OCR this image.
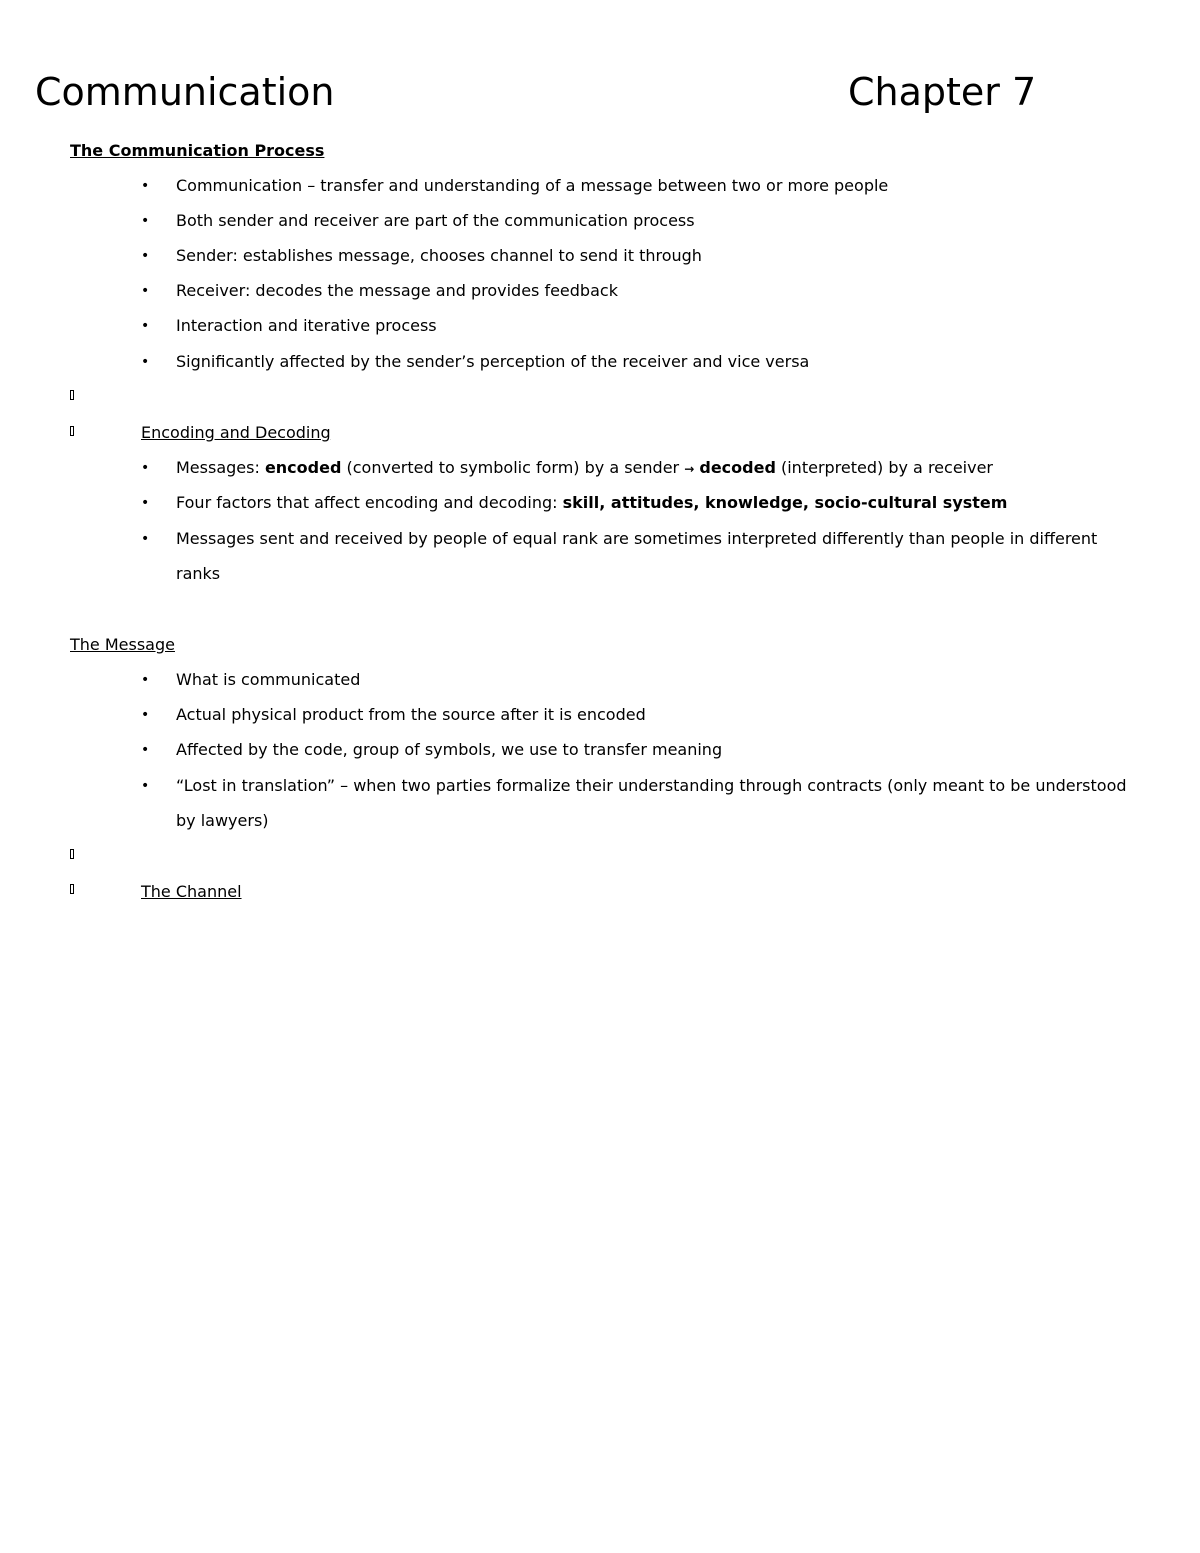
Communication	Chapter 7
The Communication Process
• Communication – transfer and understanding of a message between two or more people
• Both sender and receiver are part of the communication process
• Sender: establishes message, chooses channel to send it through
• Receiver: decodes the message and provides feedback
• Interaction and iterative process
• Significantly affected by the sender’s perception of the receiver and vice versa
Encoding and Decoding
• Messages: encoded (converted to symbolic form) by a sender → decoded (interpreted) by a receiver
• Four factors that affect encoding and decoding: skill, attitudes, knowledge, socio-cultural system
• Messages sent and received by people of equal rank are sometimes interpreted differently than people in different
ranks
The Message
• What is communicated
• Actual physical product from the source after it is encoded
• Affected by the code, group of symbols, we use to transfer meaning
• “Lost in translation” – when two parties formalize their understanding through contracts (only meant to be understood
by lawyers)
The Channel
